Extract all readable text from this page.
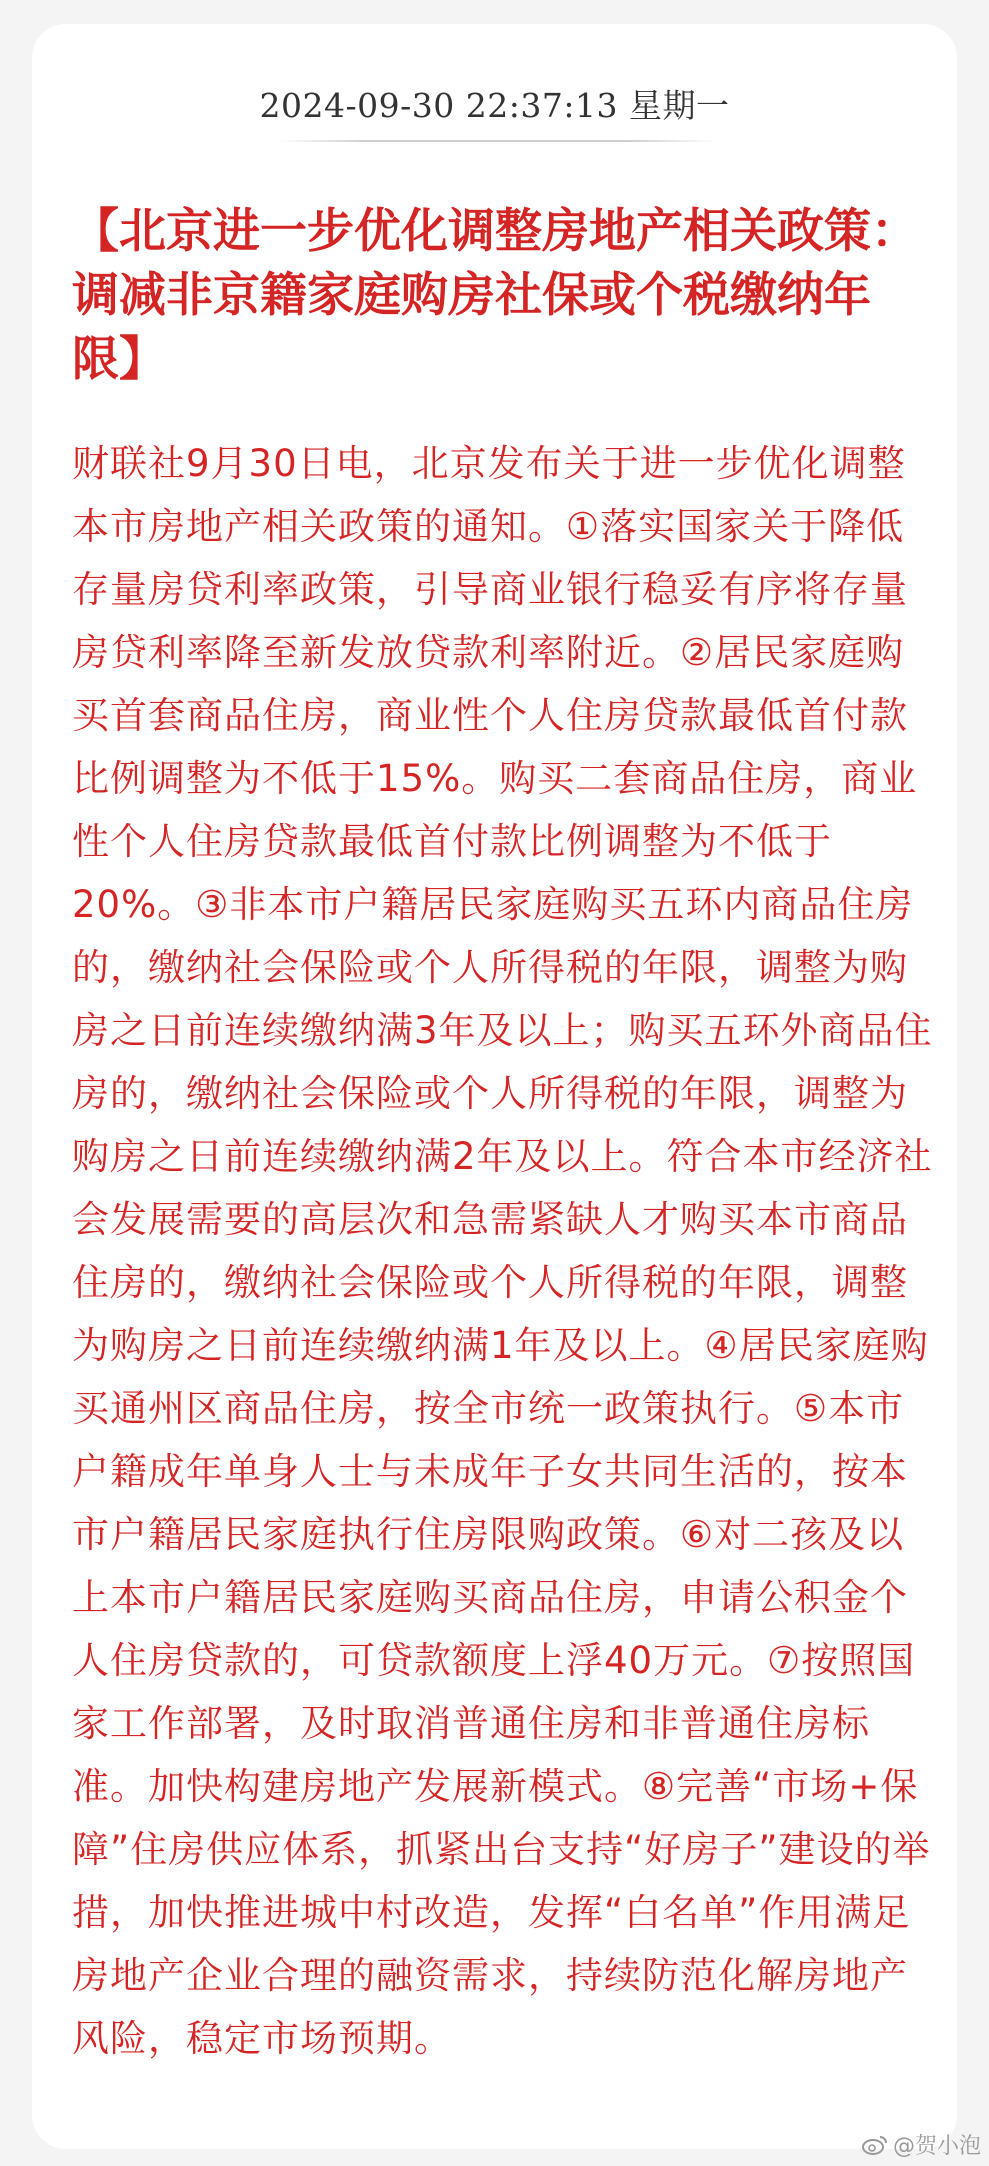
2024-09-30 22:37:13 星期一
【北京进一步优化调整房地产相关政策：调减非京籍家庭购房社保或个税缴纳年限】

财联社9月30日电，北京发布关于进一步优化调整本市房地产相关政策的通知。①落实国家关于降低存量房贷利率政策，引导商业银行稳妥有序将存量房贷利率降至新发放贷款利率附近。②居民家庭购买首套商品住房，商业性个人住房贷款最低首付款比例调整为不低于15%。购买二套商品住房，商业性个人住房贷款最低首付款比例调整为不低于20%。③非本市户籍居民家庭购买五环内商品住房的，缴纳社会保险或个人所得税的年限，调整为购房之日前连续缴纳满3年及以上；购买五环外商品住房的，缴纳社会保险或个人所得税的年限，调整为购房之日前连续缴纳满2年及以上。符合本市经济社会发展需要的高层次和急需紧缺人才购买本市商品住房的，缴纳社会保险或个人所得税的年限，调整为购房之日前连续缴纳满1年及以上。④居民家庭购买通州区商品住房，按全市统一政策执行。⑤本市户籍成年单身人士与未成年子女共同生活的，按本市户籍居民家庭执行住房限购政策。⑥对二孩及以上本市户籍居民家庭购买商品住房，申请公积金个人住房贷款的，可贷款额度上浮40万元。⑦按照国家工作部署，及时取消普通住房和非普通住房标准。加快构建房地产发展新模式。⑧完善“市场+保障”住房供应体系，抓紧出台支持“好房子”建设的举措，加快推进城中村改造，发挥“白名单”作用满足房地产企业合理的融资需求，持续防范化解房地产风险，稳定市场预期。

@贺小泡
